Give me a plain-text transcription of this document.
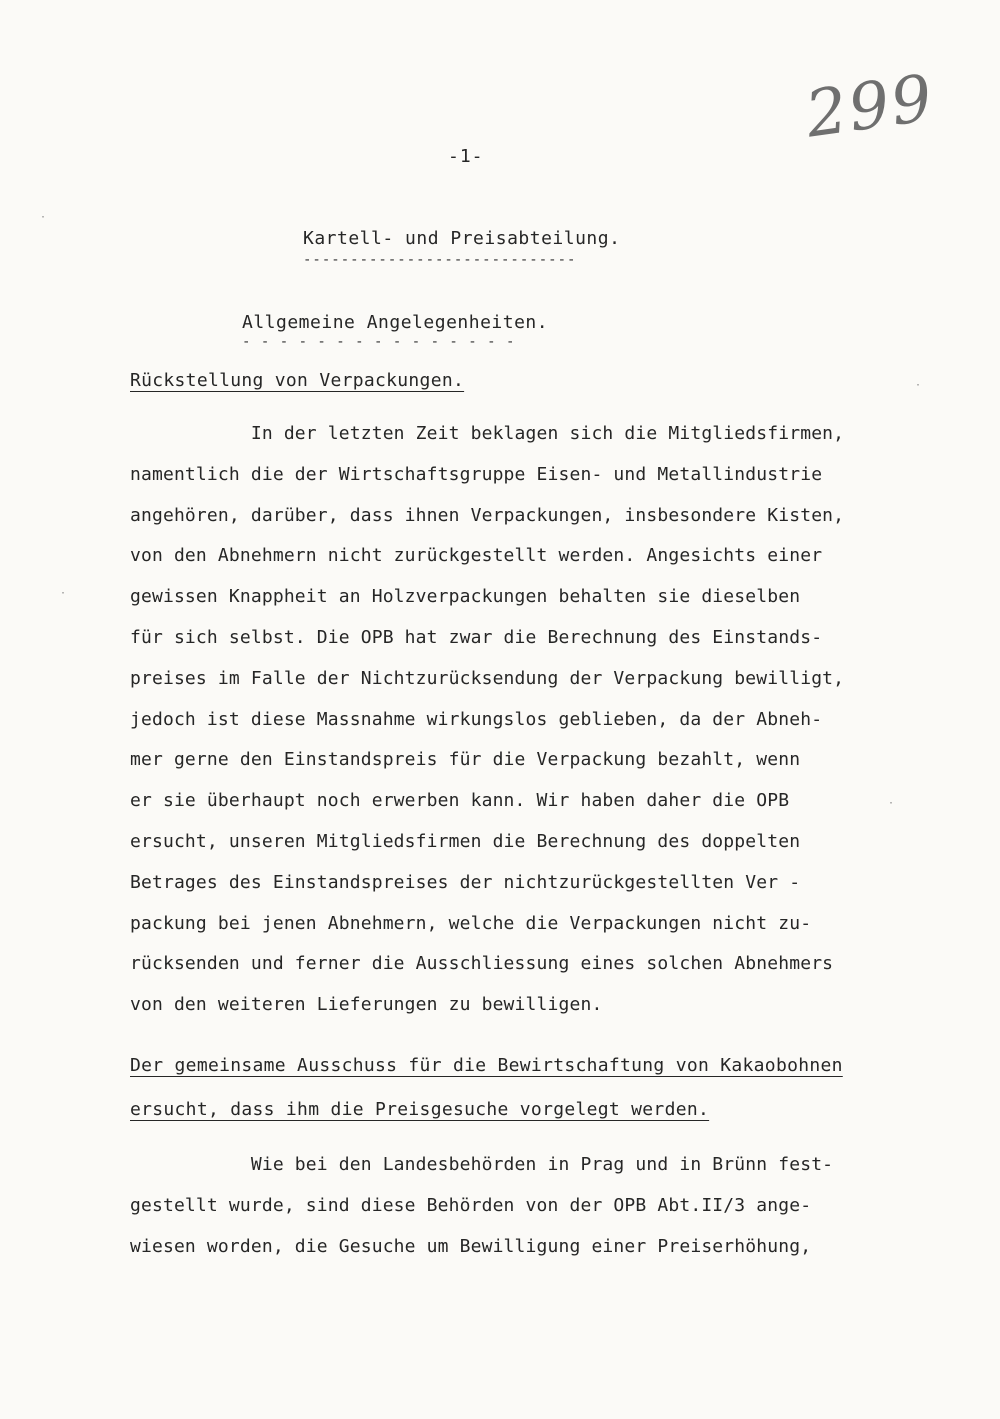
299
-1-
Kartell- und Preisabteilung.
-----------------------------
Allgemeine Angelegenheiten.
- - - - - - - - - - - - - - -
Rückstellung von Verpackungen.
In der letzten Zeit beklagen sich die Mitgliedsfirmen,
namentlich die der Wirtschaftsgruppe Eisen- und Metallindustrie
angehören, darüber, dass ihnen Verpackungen, insbesondere Kisten,
von den Abnehmern nicht zurückgestellt werden. Angesichts einer
gewissen Knappheit an Holzverpackungen behalten sie dieselben
für sich selbst. Die OPB hat zwar die Berechnung des Einstands-
preises im Falle der Nichtzurücksendung der Verpackung bewilligt,
jedoch ist diese Massnahme wirkungslos geblieben, da der Abneh-
mer gerne den Einstandspreis für die Verpackung bezahlt, wenn
er sie überhaupt noch erwerben kann. Wir haben daher die OPB
ersucht, unseren Mitgliedsfirmen die Berechnung des doppelten
Betrages des Einstandspreises der nichtzurückgestellten Ver -
packung bei jenen Abnehmern, welche die Verpackungen nicht zu-
rücksenden und ferner die Ausschliessung eines solchen Abnehmers
von den weiteren Lieferungen zu bewilligen.
Der gemeinsame Ausschuss für die Bewirtschaftung von Kakaobohnen
ersucht, dass ihm die Preisgesuche vorgelegt werden.
Wie bei den Landesbehörden in Prag und in Brünn fest-
gestellt wurde, sind diese Behörden von der OPB Abt.II/3 ange-
wiesen worden, die Gesuche um Bewilligung einer Preiserhöhung,
·
·
·
·
